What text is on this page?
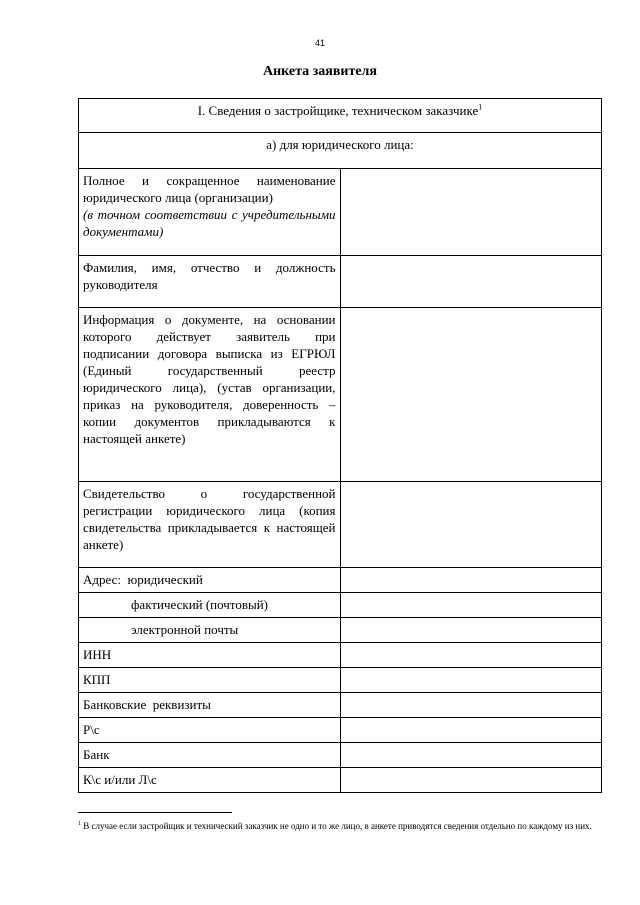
41
Анкета заявителя
I. Сведения о застройщике, техническом заказчике$^1$
а) для юридического лица:	

Полное и сокращенное наименование юридического лица (организации)
(в точном соответствии с учредительными документами)	

Фамилия, имя, отчество и должность руководителя	

Информация о документе, на основании которого действует заявитель при подписании договора выписка из ЕГРЮЛ (Единый государственный реестр юридического лица), (устав организации, приказ на руководителя, доверенность – копии документов прикладываются к настоящей анкете)	

Свидетельство о государственной регистрации юридического лица (копия свидетельства прикладывается к настоящей анкете)	

Адрес:  юридический	
фактический (почтовый)	
электронной почты	
ИНН	
КПП	
Банковские  реквизиты	
Р\с	
Банк	
К\с и/или Л\с	
$^1$ В случае если застройщик и технический заказчик не одно и то же лицо, в анкете приводятся сведения отдельно по каждому из них.
